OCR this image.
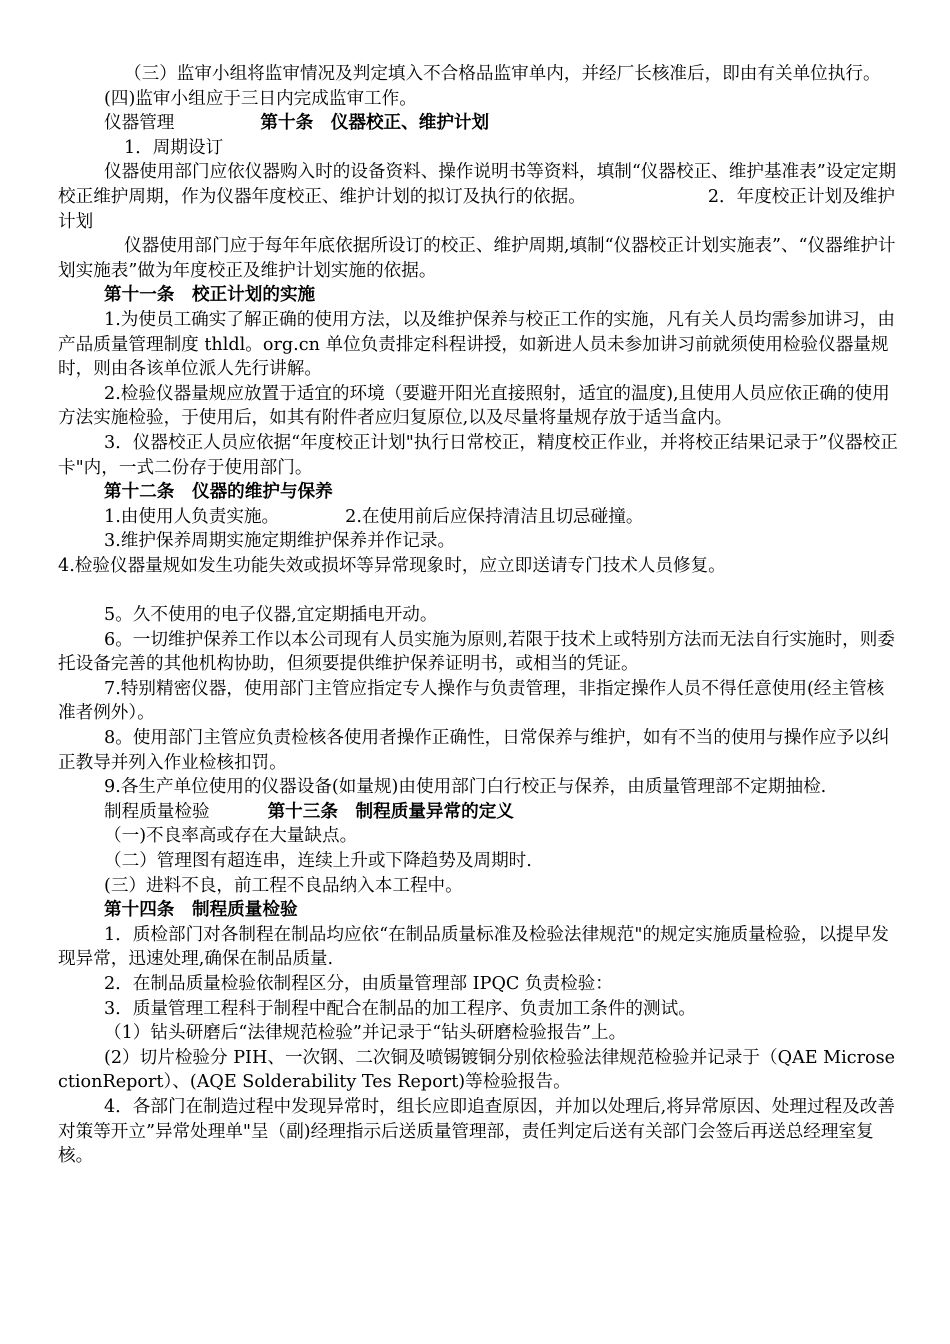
（三）监审小组将监审情况及判定填入不合格品监审单内，并经厂长核准后，即由有关单位执行。

(四)监审小组应于三日内完成监审工作。

仪器管理	第十条　仪器校正、维护计划

1．周期设订

仪器使用部门应依仪器购入时的设备资料、操作说明书等资料，填制“仪器校正、维护基准表”设定定期校正维护周期，作为仪器年度校正、维护计划的拟订及执行的依据。	2．年度校正计划及维护计划

仪器使用部门应于每年年底依据所设订的校正、维护周期,填制“仪器校正计划实施表”、“仪器维护计划实施表”做为年度校正及维护计划实施的依据。

第十一条　校正计划的实施

1.为使员工确实了解正确的使用方法，以及维护保养与校正工作的实施，凡有关人员均需参加讲习，由产品质量管理制度 thldl。org.cn 单位负责排定科程讲授，如新进人员未参加讲习前就须使用检验仪器量规时，则由各该单位派人先行讲解。

2.检验仪器量规应放置于适宜的环境（要避开阳光直接照射，适宜的温度),且使用人员应依正确的使用方法实施检验，于使用后，如其有附件者应归复原位,以及尽量将量规存放于适当盒内。

3．仪器校正人员应依据“年度校正计划"执行日常校正，精度校正作业，并将校正结果记录于”仪器校正卡"内，一式二份存于使用部门。

第十二条　仪器的维护与保养

1.由使用人负责实施。	2.在使用前后应保持清洁且切忌碰撞。

3.维护保养周期实施定期维护保养并作记录。

4.检验仪器量规如发生功能失效或损坏等异常现象时，应立即送请专门技术人员修复。

5。久不使用的电子仪器,宜定期插电开动。

6。一切维护保养工作以本公司现有人员实施为原则,若限于技术上或特别方法而无法自行实施时，则委托设备完善的其他机构协助，但须要提供维护保养证明书，或相当的凭证。

7.特别精密仪器，使用部门主管应指定专人操作与负责管理，非指定操作人员不得任意使用(经主管核准者例外）。

8。使用部门主管应负责检核各使用者操作正确性，日常保养与维护，如有不当的使用与操作应予以纠正教导并列入作业检核扣罚。

9.各生产单位使用的仪器设备(如量规)由使用部门白行校正与保养，由质量管理部不定期抽检.

制程质量检验	第十三条　制程质量异常的定义

（一)不良率高或存在大量缺点。

（二）管理图有超连串，连续上升或下降趋势及周期时.

(三）进料不良，前工程不良品纳入本工程中。

第十四条　制程质量检验

1．质检部门对各制程在制品均应依“在制品质量标准及检验法律规范"的规定实施质量检验，以提早发现异常，迅速处理,确保在制品质量.

2．在制品质量检验依制程区分，由质量管理部 IPQC 负责检验：

3．质量管理工程科于制程中配合在制品的加工程序、负责加工条件的测试。

（1）钻头研磨后“法律规范检验”并记录于“钻头研磨检验报告”上。

(2）切片检验分 PIH、一次钢、二次铜及喷锡镀铜分别依检验法律规范检验并记录于（QAE MicrosectionReport）、(AQE Solderability Tes Report)等检验报告。

4．各部门在制造过程中发现异常时，组长应即追查原因，并加以处理后,将异常原因、处理过程及改善对策等开立”异常处理单"呈（副)经理指示后送质量管理部，责任判定后送有关部门会签后再送总经理室复核。
